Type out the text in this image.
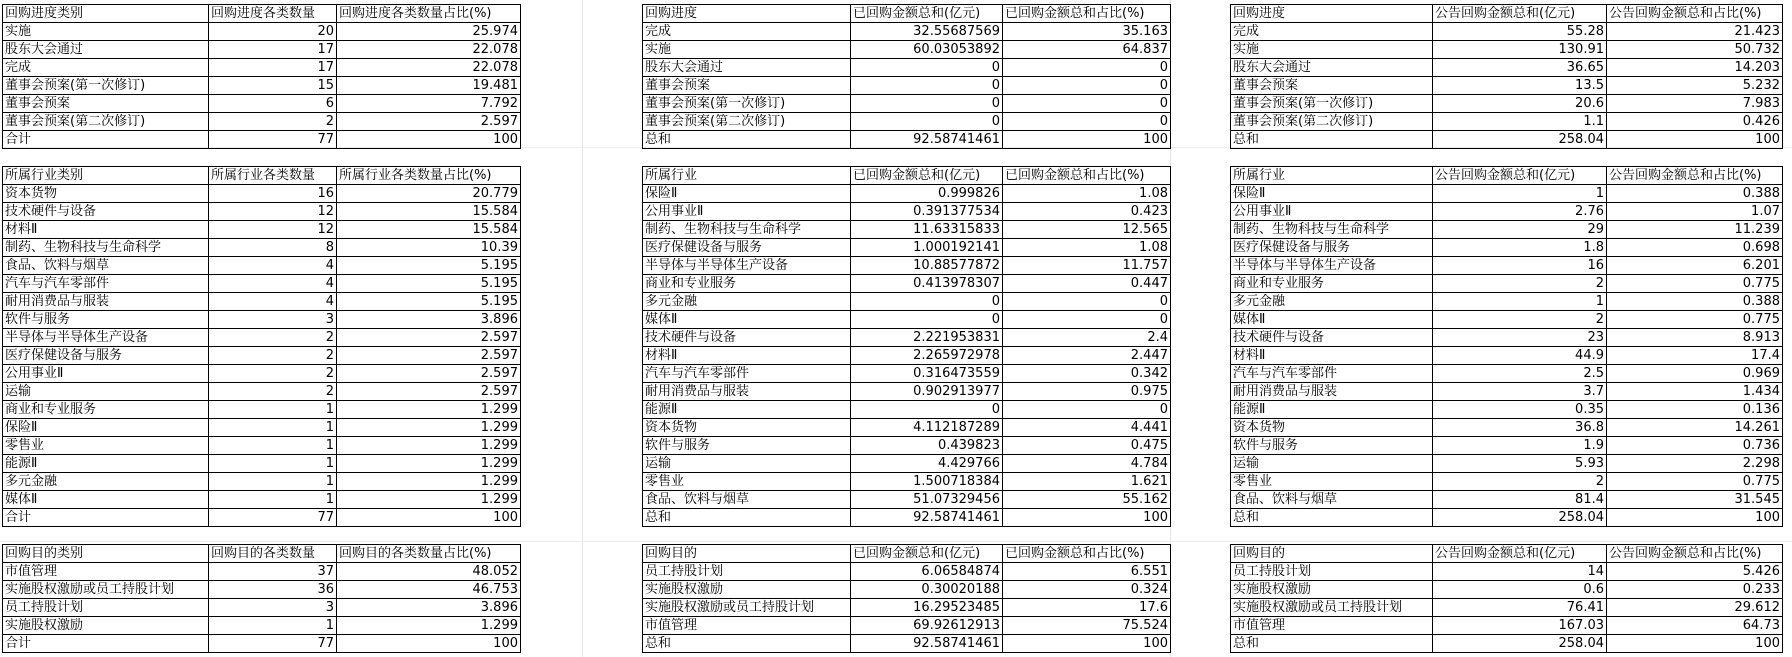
回购进度类别	回购进度各类数量	回购进度各类数量占比(%)
实施	20	25.974
股东大会通过	17	22.078
完成	17	22.078
董事会预案(第一次修订)	15	19.481
董事会预案	6	7.792
董事会预案(第二次修订)	2	2.597
合计	77	100
回购进度	已回购金额总和(亿元)	已回购金额总和占比(%)
完成	32.55687569	35.163
实施	60.03053892	64.837
股东大会通过	0	0
董事会预案	0	0
董事会预案(第一次修订)	0	0
董事会预案(第二次修订)	0	0
总和	92.58741461	100
回购进度	公告回购金额总和(亿元)	公告回购金额总和占比(%)
完成	55.28	21.423
实施	130.91	50.732
股东大会通过	36.65	14.203
董事会预案	13.5	5.232
董事会预案(第一次修订)	20.6	7.983
董事会预案(第二次修订)	1.1	0.426
总和	258.04	100
所属行业类别	所属行业各类数量	所属行业各类数量占比(%)
资本货物	16	20.779
技术硬件与设备	12	15.584
材料Ⅱ	12	15.584
制药、生物科技与生命科学	8	10.39
食品、饮料与烟草	4	5.195
汽车与汽车零部件	4	5.195
耐用消费品与服装	4	5.195
软件与服务	3	3.896
半导体与半导体生产设备	2	2.597
医疗保健设备与服务	2	2.597
公用事业Ⅱ	2	2.597
运输	2	2.597
商业和专业服务	1	1.299
保险Ⅱ	1	1.299
零售业	1	1.299
能源Ⅱ	1	1.299
多元金融	1	1.299
媒体Ⅱ	1	1.299
合计	77	100
所属行业	已回购金额总和(亿元)	已回购金额总和占比(%)
保险Ⅱ	0.999826	1.08
公用事业Ⅱ	0.391377534	0.423
制药、生物科技与生命科学	11.63315833	12.565
医疗保健设备与服务	1.000192141	1.08
半导体与半导体生产设备	10.88577872	11.757
商业和专业服务	0.413978307	0.447
多元金融	0	0
媒体Ⅱ	0	0
技术硬件与设备	2.221953831	2.4
材料Ⅱ	2.265972978	2.447
汽车与汽车零部件	0.316473559	0.342
耐用消费品与服装	0.902913977	0.975
能源Ⅱ	0	0
资本货物	4.112187289	4.441
软件与服务	0.439823	0.475
运输	4.429766	4.784
零售业	1.500718384	1.621
食品、饮料与烟草	51.07329456	55.162
总和	92.58741461	100
所属行业	公告回购金额总和(亿元)	公告回购金额总和占比(%)
保险Ⅱ	1	0.388
公用事业Ⅱ	2.76	1.07
制药、生物科技与生命科学	29	11.239
医疗保健设备与服务	1.8	0.698
半导体与半导体生产设备	16	6.201
商业和专业服务	2	0.775
多元金融	1	0.388
媒体Ⅱ	2	0.775
技术硬件与设备	23	8.913
材料Ⅱ	44.9	17.4
汽车与汽车零部件	2.5	0.969
耐用消费品与服装	3.7	1.434
能源Ⅱ	0.35	0.136
资本货物	36.8	14.261
软件与服务	1.9	0.736
运输	5.93	2.298
零售业	2	0.775
食品、饮料与烟草	81.4	31.545
总和	258.04	100
回购目的类别	回购目的各类数量	回购目的各类数量占比(%)
市值管理	37	48.052
实施股权激励或员工持股计划	36	46.753
员工持股计划	3	3.896
实施股权激励	1	1.299
合计	77	100
回购目的	已回购金额总和(亿元)	已回购金额总和占比(%)
员工持股计划	6.06584874	6.551
实施股权激励	0.30020188	0.324
实施股权激励或员工持股计划	16.29523485	17.6
市值管理	69.92612913	75.524
总和	92.58741461	100
回购目的	公告回购金额总和(亿元)	公告回购金额总和占比(%)
员工持股计划	14	5.426
实施股权激励	0.6	0.233
实施股权激励或员工持股计划	76.41	29.612
市值管理	167.03	64.73
总和	258.04	100
